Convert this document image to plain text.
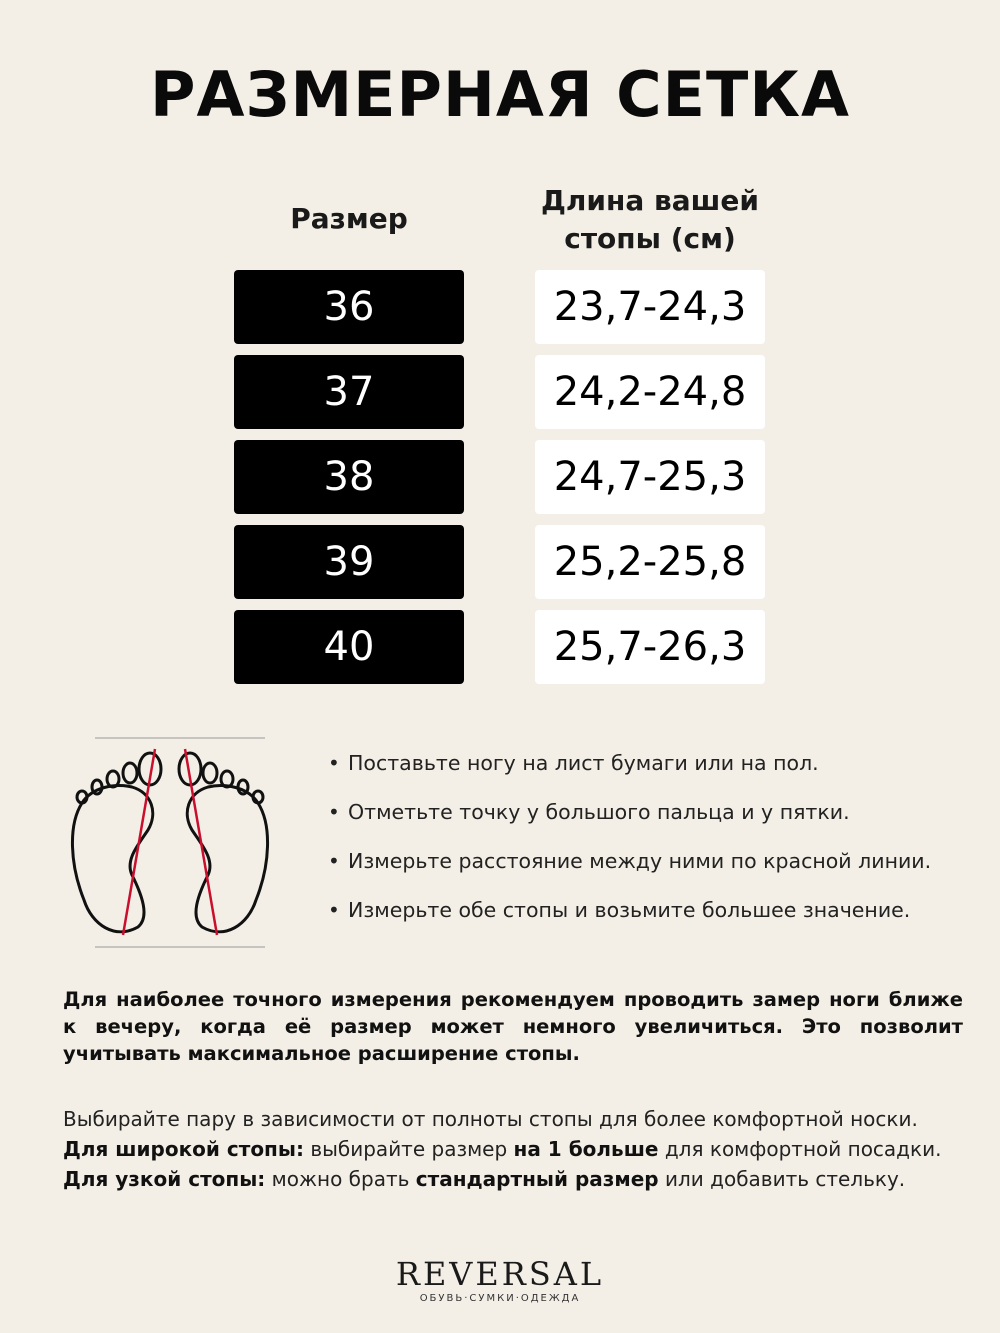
РАЗМЕРНАЯ СЕТКА
Размер
Длина вашей стопы (см)
36	23,7-24,3
37	24,2-24,8
38	24,7-25,3
39	25,2-25,8
40	25,7-26,3
• Поставьте ногу на лист бумаги или на пол.
• Отметьте точку у большого пальца и у пятки.
• Измерьте расстояние между ними по красной линии.
• Измерьте обе стопы и возьмите большее значение.
Для наиболее точного измерения рекомендуем проводить замер ноги ближе к вечеру, когда её размер может немного увеличиться. Это позволит учитывать максимальное расширение стопы.
Выбирайте пару в зависимости от полноты стопы для более комфортной носки.
Для широкой стопы: выбирайте размер на 1 больше для комфортной посадки.
Для узкой стопы: можно брать стандартный размер или добавить стельку.
REVERSAL
ОБУВЬ·СУМКИ·ОДЕЖДА
